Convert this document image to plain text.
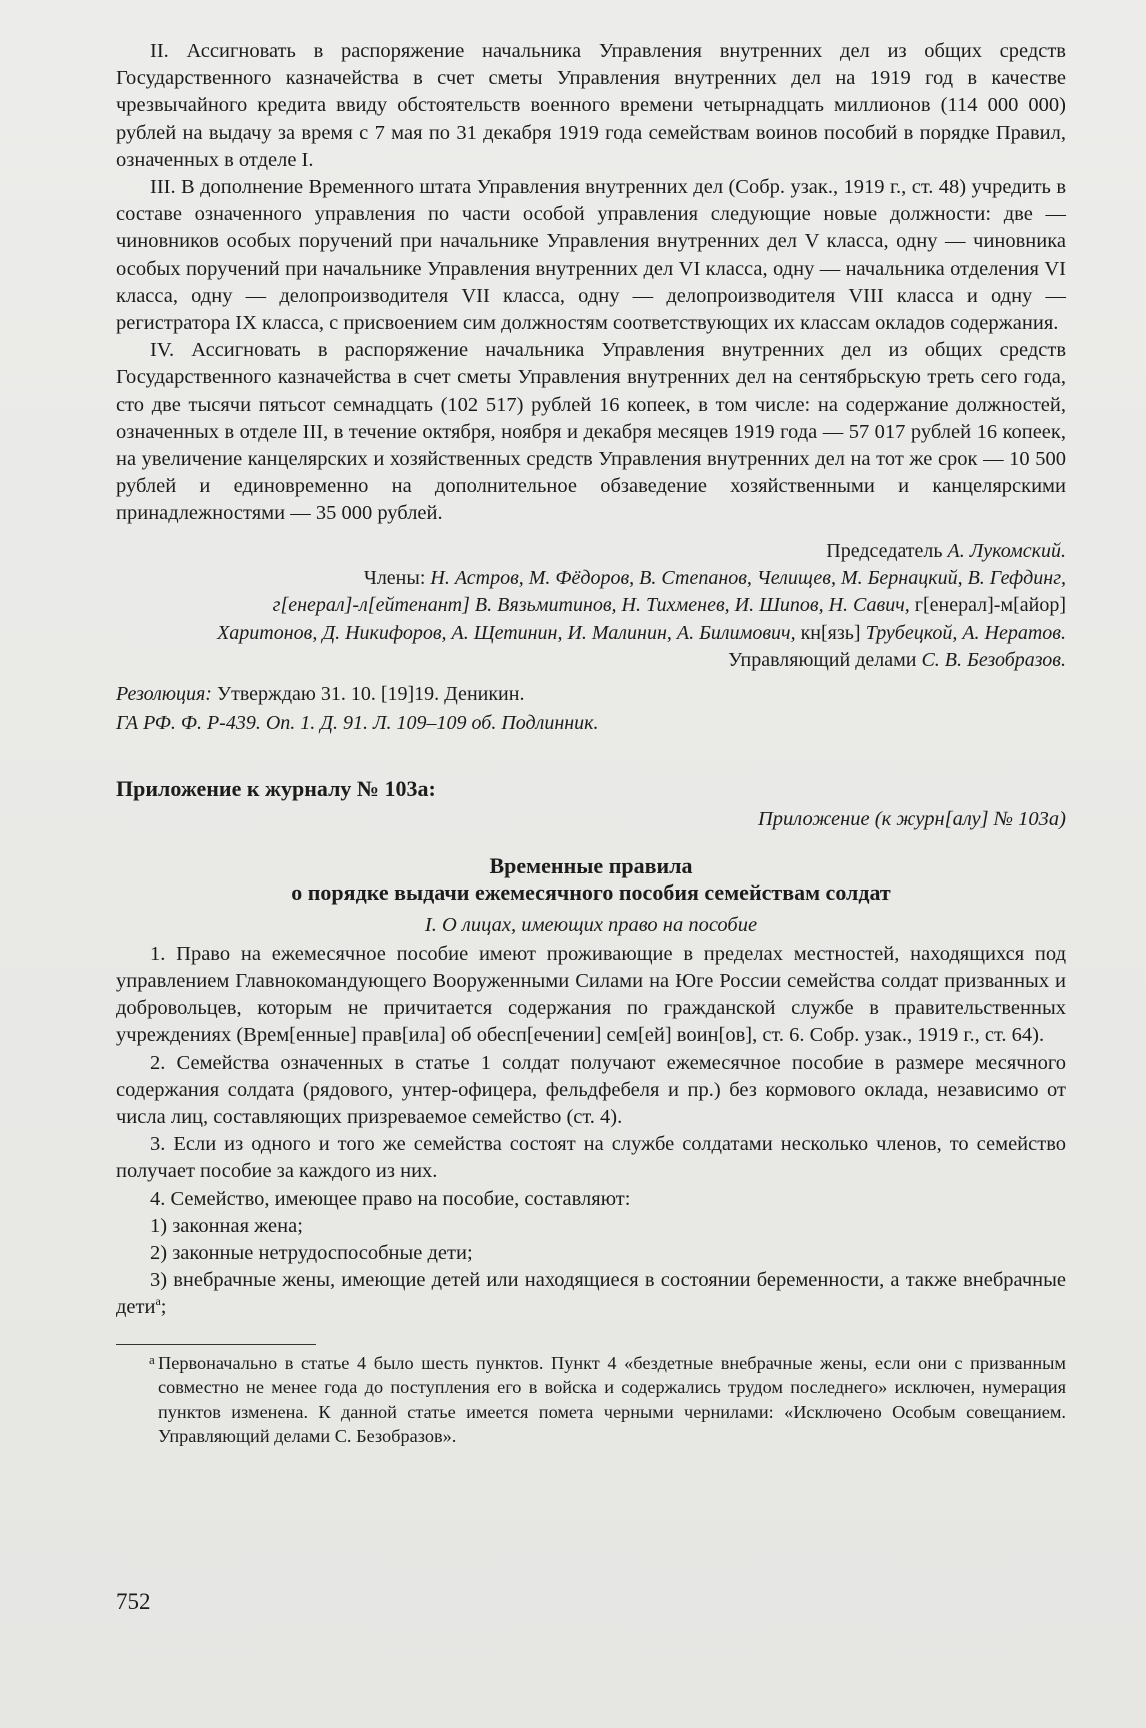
II. Ассигновать в распоряжение начальника Управления внутренних дел из общих средств Государственного казначейства в счет сметы Управления внутренних дел на 1919 год в качестве чрезвычайного кредита ввиду обстоятельств военного времени четырнадцать миллионов (114 000 000) рублей на выдачу за время с 7 мая по 31 декабря 1919 года семействам воинов пособий в порядке Правил, означенных в отделе I.

III. В дополнение Временного штата Управления внутренних дел (Собр. узак., 1919 г., ст. 48) учредить в составе означенного управления по части особой управления следующие новые должности: две — чиновников особых поручений при начальнике Управления внутренних дел V класса, одну — чиновника особых поручений при начальнике Управления внутренних дел VI класса, одну — начальника отделения VI класса, одну — делопроизводителя VII класса, одну — делопроизводителя VIII класса и одну — регистратора IX класса, с присвоением сим должностям соответствующих их классам окладов содержания.

IV. Ассигновать в распоряжение начальника Управления внутренних дел из общих средств Государственного казначейства в счет сметы Управления внутренних дел на сентябрьскую треть сего года, сто две тысячи пятьсот семнадцать (102 517) рублей 16 копеек, в том числе: на содержание должностей, означенных в отделе III, в течение октября, ноября и декабря месяцев 1919 года — 57 017 рублей 16 копеек, на увеличение канцелярских и хозяйственных средств Управления внутренних дел на тот же срок — 10 500 рублей и единовременно на дополнительное обзаведение хозяйственными и канцелярскими принадлежностями — 35 000 рублей.

Председатель А. Лукомский.
Члены: Н. Астров, М. Фёдоров, В. Степанов, Челищев, М. Бернацкий, В. Гефдинг,
г[енерал]-л[ейтенант] В. Вязьмитинов, Н. Тихменев, И. Шипов, Н. Савич, г[енерал]-м[айор]
Харитонов, Д. Никифоров, А. Щетинин, И. Малинин, А. Билимович, кн[язь] Трубецкой, А. Нератов.
Управляющий делами С. В. Безобразов.
Резолюция: Утверждаю 31. 10. [19]19. Деникин.
ГА РФ. Ф. Р-439. Оп. 1. Д. 91. Л. 109–109 об. Подлинник.
Приложение к журналу № 103а:
Приложение (к журн[алу] № 103а)
Временные правила
о порядке выдачи ежемесячного пособия семействам солдат
I. О лицах, имеющих право на пособие

1. Право на ежемесячное пособие имеют проживающие в пределах местностей, находящихся под управлением Главнокомандующего Вооруженными Силами на Юге России семейства солдат призванных и добровольцев, которым не причитается содержания по гражданской службе в правительственных учреждениях (Врем[енные] прав[ила] об обесп[ечении] сем[ей] воин[ов], ст. 6. Собр. узак., 1919 г., ст. 64).

2. Семейства означенных в статье 1 солдат получают ежемесячное пособие в размере месячного содержания солдата (рядового, унтер-офицера, фельдфебеля и пр.) без кормового оклада, независимо от числа лиц, составляющих призреваемое семейство (ст. 4).

3. Если из одного и того же семейства состоят на службе солдатами несколько членов, то семейство получает пособие за каждого из них.

4. Семейство, имеющее право на пособие, составляют:

1) законная жена;

2) законные нетрудоспособные дети;

3) внебрачные жены, имеющие детей или находящиеся в состоянии беременности, а также внебрачные дети$^а$;

а Первоначально в статье 4 было шесть пунктов. Пункт 4 «бездетные внебрачные жены, если они с призванным совместно не менее года до поступления его в войска и содержались трудом последнего» исключен, нумерация пунктов изменена. К данной статье имеется помета черными чернилами: «Исключено Особым совещанием. Управляющий делами С. Безобразов».
752
